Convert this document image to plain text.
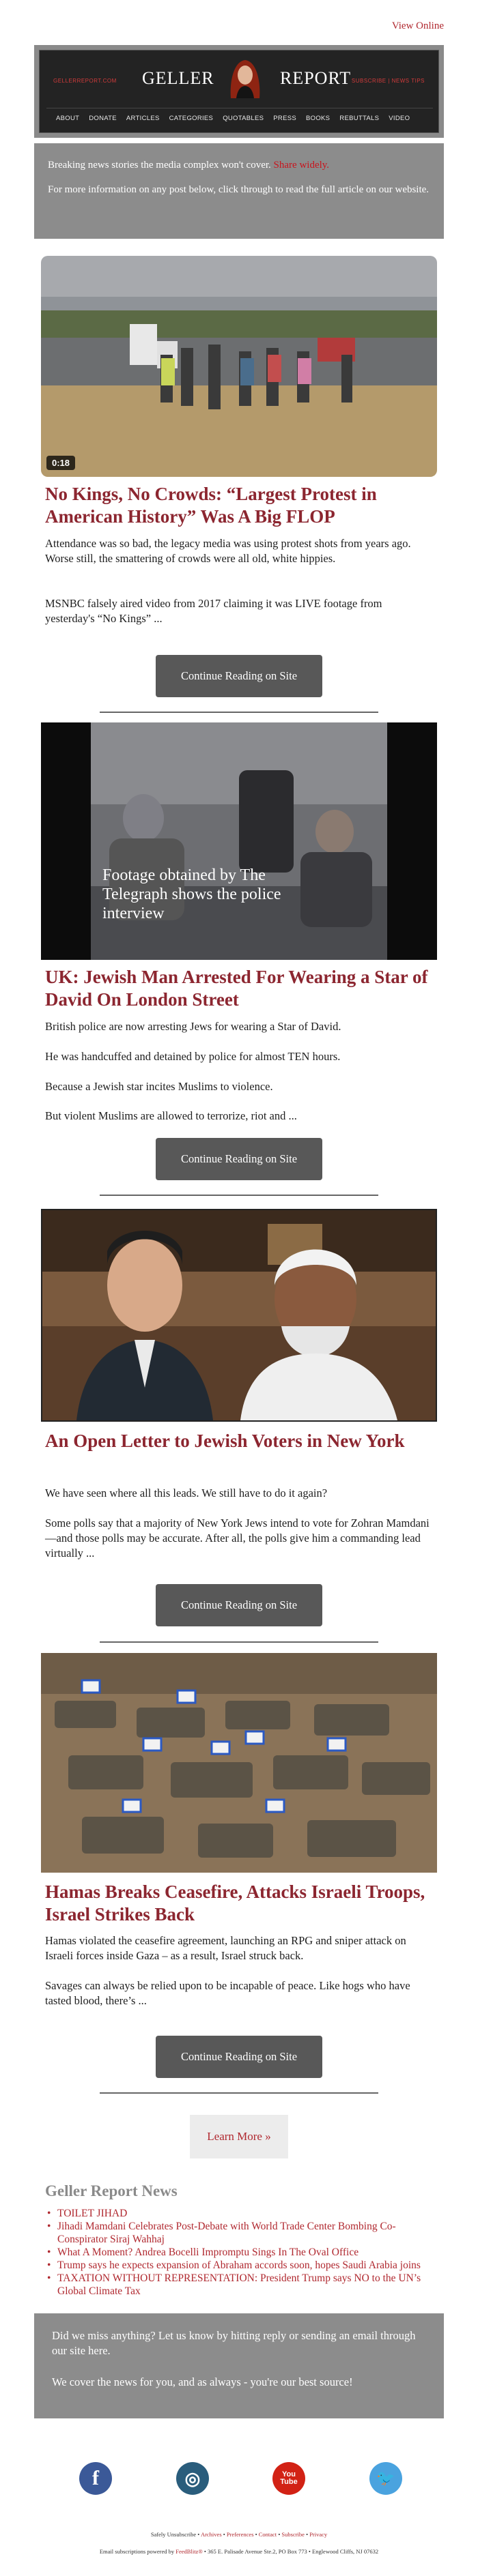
View Online
GELLERREPORT.COM GELLER	REPORT SUBSCRIBE | NEWS TIPS
ABOUT DONATE ARTICLES CATEGORIES QUOTABLES PRESS BOOKS REBUTTALS VIDEO

Breaking news stories the media complex won't cover. Share widely.

For more information on any post below, click through to read the full article on our website.

0:18
No Kings, No Crowds: “Largest Protest in American History” Was A Big FLOP

Attendance was so bad, the legacy media was using protest shots from years ago. Worse still, the smattering of crowds were all old, white hippies.

MSNBC falsely aired video from 2017 claiming it was LIVE footage from yesterday's “No Kings” ...

Continue Reading on Site
Footage obtained by The Telegraph shows the police interview
UK: Jewish Man Arrested For Wearing a Star of David On London Street

British police are now arresting Jews for wearing a Star of David.

He was handcuffed and detained by police for almost TEN hours.

Because a Jewish star incites Muslims to violence.

But violent Muslims are allowed to terrorize, riot and ...

Continue Reading on Site
An Open Letter to Jewish Voters in New York

We have seen where all this leads. We still have to do it again?

Some polls say that a majority of New York Jews intend to vote for Zohran Mamdani—and those polls may be accurate. After all, the polls give him a commanding lead virtually ...

Continue Reading on Site
Hamas Breaks Ceasefire, Attacks Israeli Troops, Israel Strikes Back

Hamas violated the ceasefire agreement, launching an RPG and sniper attack on Israeli forces inside Gaza – as a result, Israel struck back.

Savages can always be relied upon to be incapable of peace. Like hogs who have tasted blood, there’s ...

Continue Reading on Site
Learn More »
Geller Report News
• TOILET JIHAD
• Jihadi Mamdani Celebrates Post-Debate with World Trade Center Bombing Co-Conspirator Siraj Wahhaj
• What A Moment? Andrea Bocelli Impromptu Sings In The Oval Office
• Trump says he expects expansion of Abraham accords soon, hopes Saudi Arabia joins
• TAXATION WITHOUT REPRESENTATION: President Trump says NO to the UN’s Global Climate Tax

Did we miss anything? Let us know by hitting reply or sending an email through our site here.

We cover the news for you, and as always - you're our best source!

f	◎	You Tube	🐦
Safely Unsubscribe • Archives • Preferences • Contact • Subscribe • Privacy
Email subscriptions powered by FeedBlitz® • 365 E. Palisade Avenue Ste.2, PO Box 773 • Englewood Cliffs, NJ 07632
